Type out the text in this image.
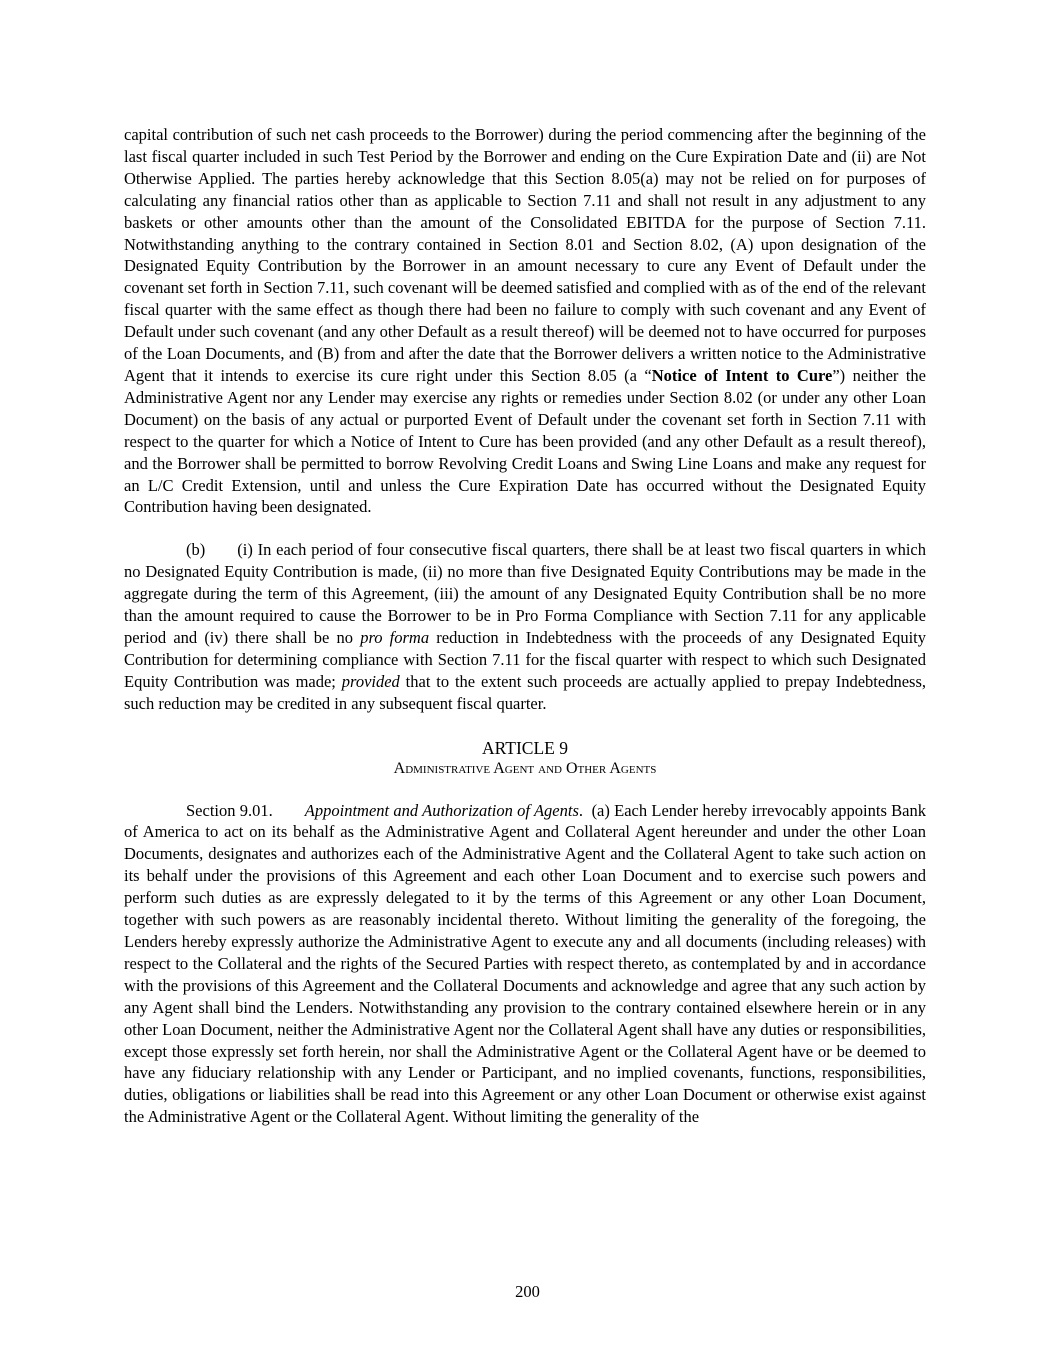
capital contribution of such net cash proceeds to the Borrower) during the period commencing after the beginning of the last fiscal quarter included in such Test Period by the Borrower and ending on the Cure Expiration Date and (ii) are Not Otherwise Applied. The parties hereby acknowledge that this Section 8.05(a) may not be relied on for purposes of calculating any financial ratios other than as applicable to Section 7.11 and shall not result in any adjustment to any baskets or other amounts other than the amount of the Consolidated EBITDA for the purpose of Section 7.11. Notwithstanding anything to the contrary contained in Section 8.01 and Section 8.02, (A) upon designation of the Designated Equity Contribution by the Borrower in an amount necessary to cure any Event of Default under the covenant set forth in Section 7.11, such covenant will be deemed satisfied and complied with as of the end of the relevant fiscal quarter with the same effect as though there had been no failure to comply with such covenant and any Event of Default under such covenant (and any other Default as a result thereof) will be deemed not to have occurred for purposes of the Loan Documents, and (B) from and after the date that the Borrower delivers a written notice to the Administrative Agent that it intends to exercise its cure right under this Section 8.05 (a “Notice of Intent to Cure”) neither the Administrative Agent nor any Lender may exercise any rights or remedies under Section 8.02 (or under any other Loan Document) on the basis of any actual or purported Event of Default under the covenant set forth in Section 7.11 with respect to the quarter for which a Notice of Intent to Cure has been provided (and any other Default as a result thereof), and the Borrower shall be permitted to borrow Revolving Credit Loans and Swing Line Loans and make any request for an L/C Credit Extension, until and unless the Cure Expiration Date has occurred without the Designated Equity Contribution having been designated.

(b) (i) In each period of four consecutive fiscal quarters, there shall be at least two fiscal quarters in which no Designated Equity Contribution is made, (ii) no more than five Designated Equity Contributions may be made in the aggregate during the term of this Agreement, (iii) the amount of any Designated Equity Contribution shall be no more than the amount required to cause the Borrower to be in Pro Forma Compliance with Section 7.11 for any applicable period and (iv) there shall be no pro forma reduction in Indebtedness with the proceeds of any Designated Equity Contribution for determining compliance with Section 7.11 for the fiscal quarter with respect to which such Designated Equity Contribution was made; provided that to the extent such proceeds are actually applied to prepay Indebtedness, such reduction may be credited in any subsequent fiscal quarter.

ARTICLE 9
Administrative Agent and Other Agents

Section 9.01. Appointment and Authorization of Agents. (a) Each Lender hereby irrevocably appoints Bank of America to act on its behalf as the Administrative Agent and Collateral Agent hereunder and under the other Loan Documents, designates and authorizes each of the Administrative Agent and the Collateral Agent to take such action on its behalf under the provisions of this Agreement and each other Loan Document and to exercise such powers and perform such duties as are expressly delegated to it by the terms of this Agreement or any other Loan Document, together with such powers as are reasonably incidental thereto. Without limiting the generality of the foregoing, the Lenders hereby expressly authorize the Administrative Agent to execute any and all documents (including releases) with respect to the Collateral and the rights of the Secured Parties with respect thereto, as contemplated by and in accordance with the provisions of this Agreement and the Collateral Documents and acknowledge and agree that any such action by any Agent shall bind the Lenders. Notwithstanding any provision to the contrary contained elsewhere herein or in any other Loan Document, neither the Administrative Agent nor the Collateral Agent shall have any duties or responsibilities, except those expressly set forth herein, nor shall the Administrative Agent or the Collateral Agent have or be deemed to have any fiduciary relationship with any Lender or Participant, and no implied covenants, functions, responsibilities, duties, obligations or liabilities shall be read into this Agreement or any other Loan Document or otherwise exist against the Administrative Agent or the Collateral Agent. Without limiting the generality of the

200
